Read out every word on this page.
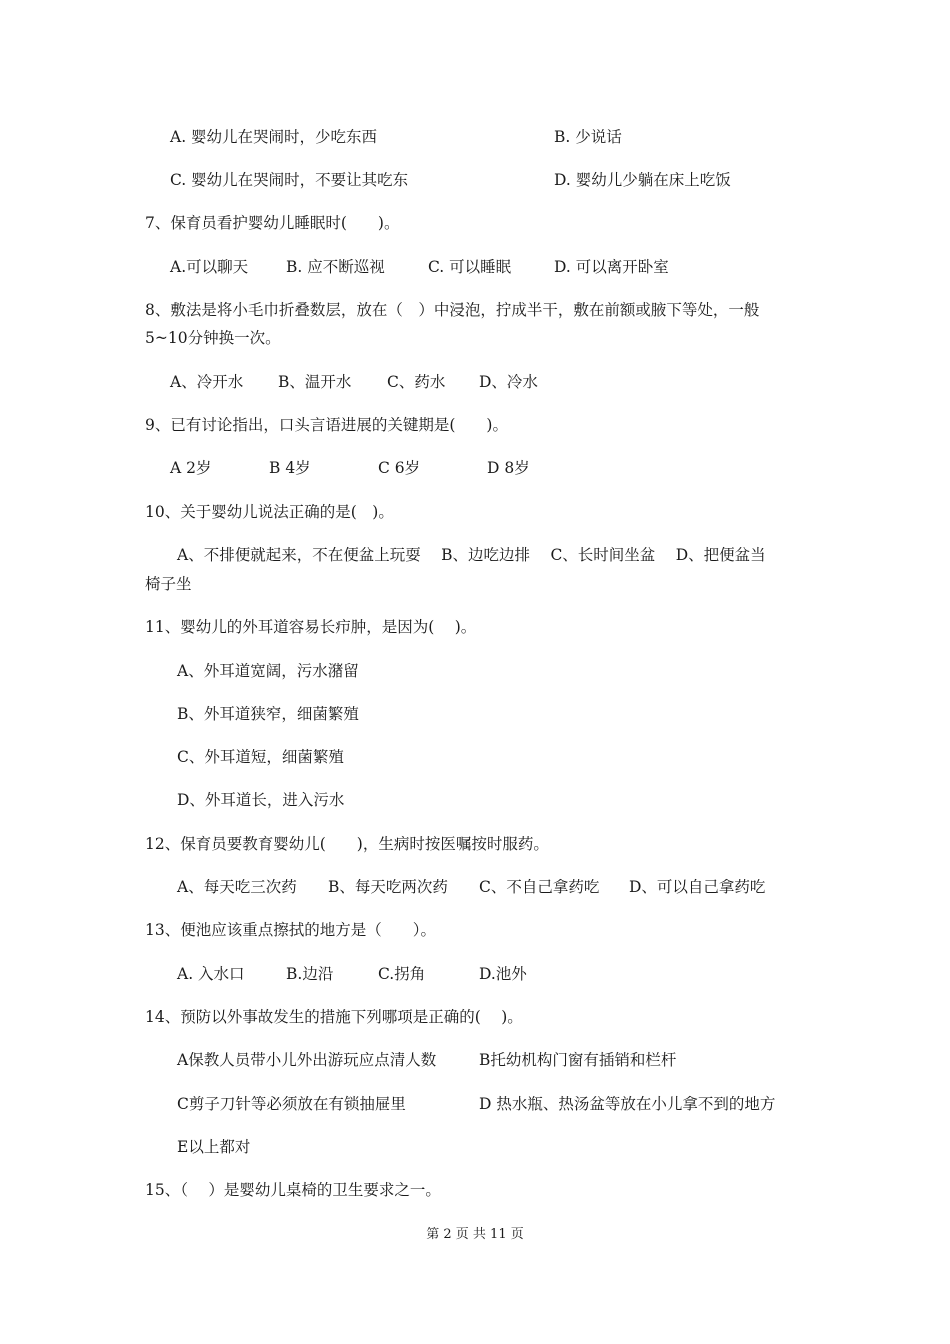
A. 婴幼儿在哭闹时，少吃东西	B. 少说话
C. 婴幼儿在哭闹时，不要让其吃东	D. 婴幼儿少躺在床上吃饭
7、保育员看护婴幼儿睡眠时(　　)。
A.可以聊天 B. 应不断巡视	C. 可以睡眠	D. 可以离开卧室
8、敷法是将小毛巾折叠数层，放在（　）中浸泡，拧成半干，敷在前额或腋下等处，一般
5~10分钟换一次。
A、冷开水 B、温开水 C、药水 D、冷水
9、已有讨论指出，口头言语进展的关键期是(　　)。
A 2岁	B 4岁	C 6岁	D 8岁
10、关于婴幼儿说法正确的是(　)。
A、不排便就起来，不在便盆上玩耍　 B、边吃边排　 C、长时间坐盆　 D、把便盆当
椅子坐
11、婴幼儿的外耳道容易长疖肿，是因为(　 )。
A、外耳道宽阔，污水潴留
B、外耳道狭窄，细菌繁殖
C、外耳道短，细菌繁殖
D、外耳道长，进入污水
12、保育员要教育婴幼儿(　　)，生病时按医嘱按时服药。
A、每天吃三次药 B、每天吃两次药 C、不自己拿药吃 D、可以自己拿药吃
13、便池应该重点擦拭的地方是（　　）。
A. 入水口	B.边沿	C.拐角	D.池外
14、预防以外事故发生的措施下列哪项是正确的(　 )。
A保教人员带小儿外出游玩应点清人数	B托幼机构门窗有插销和栏杆
C剪子刀针等必须放在有锁抽屉里	D 热水瓶、热汤盆等放在小儿拿不到的地方
E以上都对
15、（　 ）是婴幼儿桌椅的卫生要求之一。
第 2 页 共 11 页
